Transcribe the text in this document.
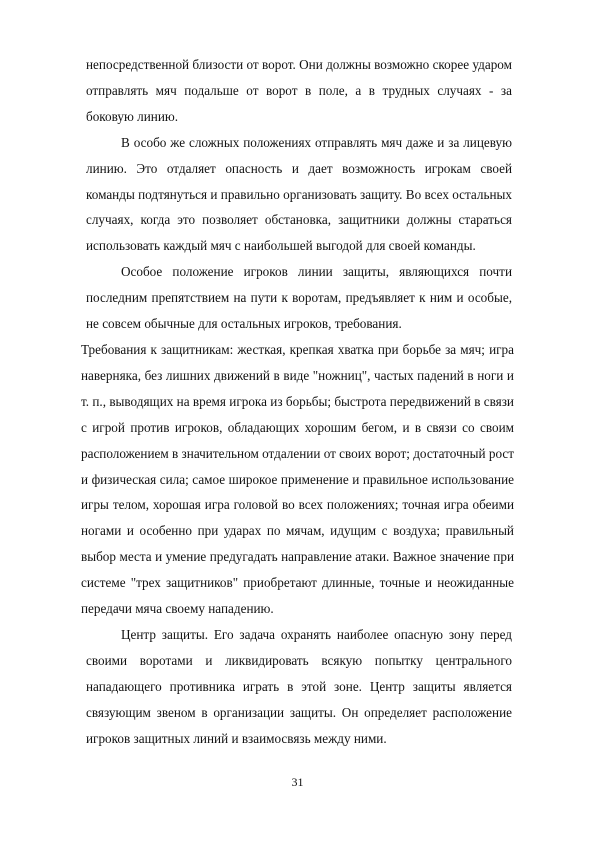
непосредственной близости от ворот. Они должны возможно скорее ударом отправлять мяч подальше от ворот в поле, а в трудных случаях - за боковую линию.

В особо же сложных положениях отправлять мяч даже и за лицевую линию. Это отдаляет опасность и дает возможность игрокам своей команды подтянуться и правильно организовать защиту. Во всех остальных случаях, когда это позволяет обстановка, защитники должны стараться использовать каждый мяч с наибольшей выгодой для своей команды.

Особое положение игроков линии защиты, являющихся почти последним препятствием на пути к воротам, предъявляет к ним и особые, не совсем обычные для остальных игроков, требования.

Требования к защитникам: жесткая, крепкая хватка при борьбе за мяч; игра наверняка, без лишних движений в виде "ножниц", частых падений в ноги и т. п., выводящих на время игрока из борьбы; быстрота передвижений в связи с игрой против игроков, обладающих хорошим бегом, и в связи со своим расположением в значительном отдалении от своих ворот; достаточный рост и физическая сила; самое широкое применение и правильное использование игры телом, хорошая игра головой во всех положениях; точная игра обеими ногами и особенно при ударах по мячам, идущим с воздуха; правильный выбор места и умение предугадать направление атаки. Важное значение при системе "трех защитников" приобретают длинные, точные и неожиданные передачи мяча своему нападению.

Центр защиты. Его задача охранять наиболее опасную зону перед своими воротами и ликвидировать всякую попытку центрального нападающего противника играть в этой зоне. Центр защиты является связующим звеном в организации защиты. Он определяет расположение игроков защитных линий и взаимосвязь между ними.

31
